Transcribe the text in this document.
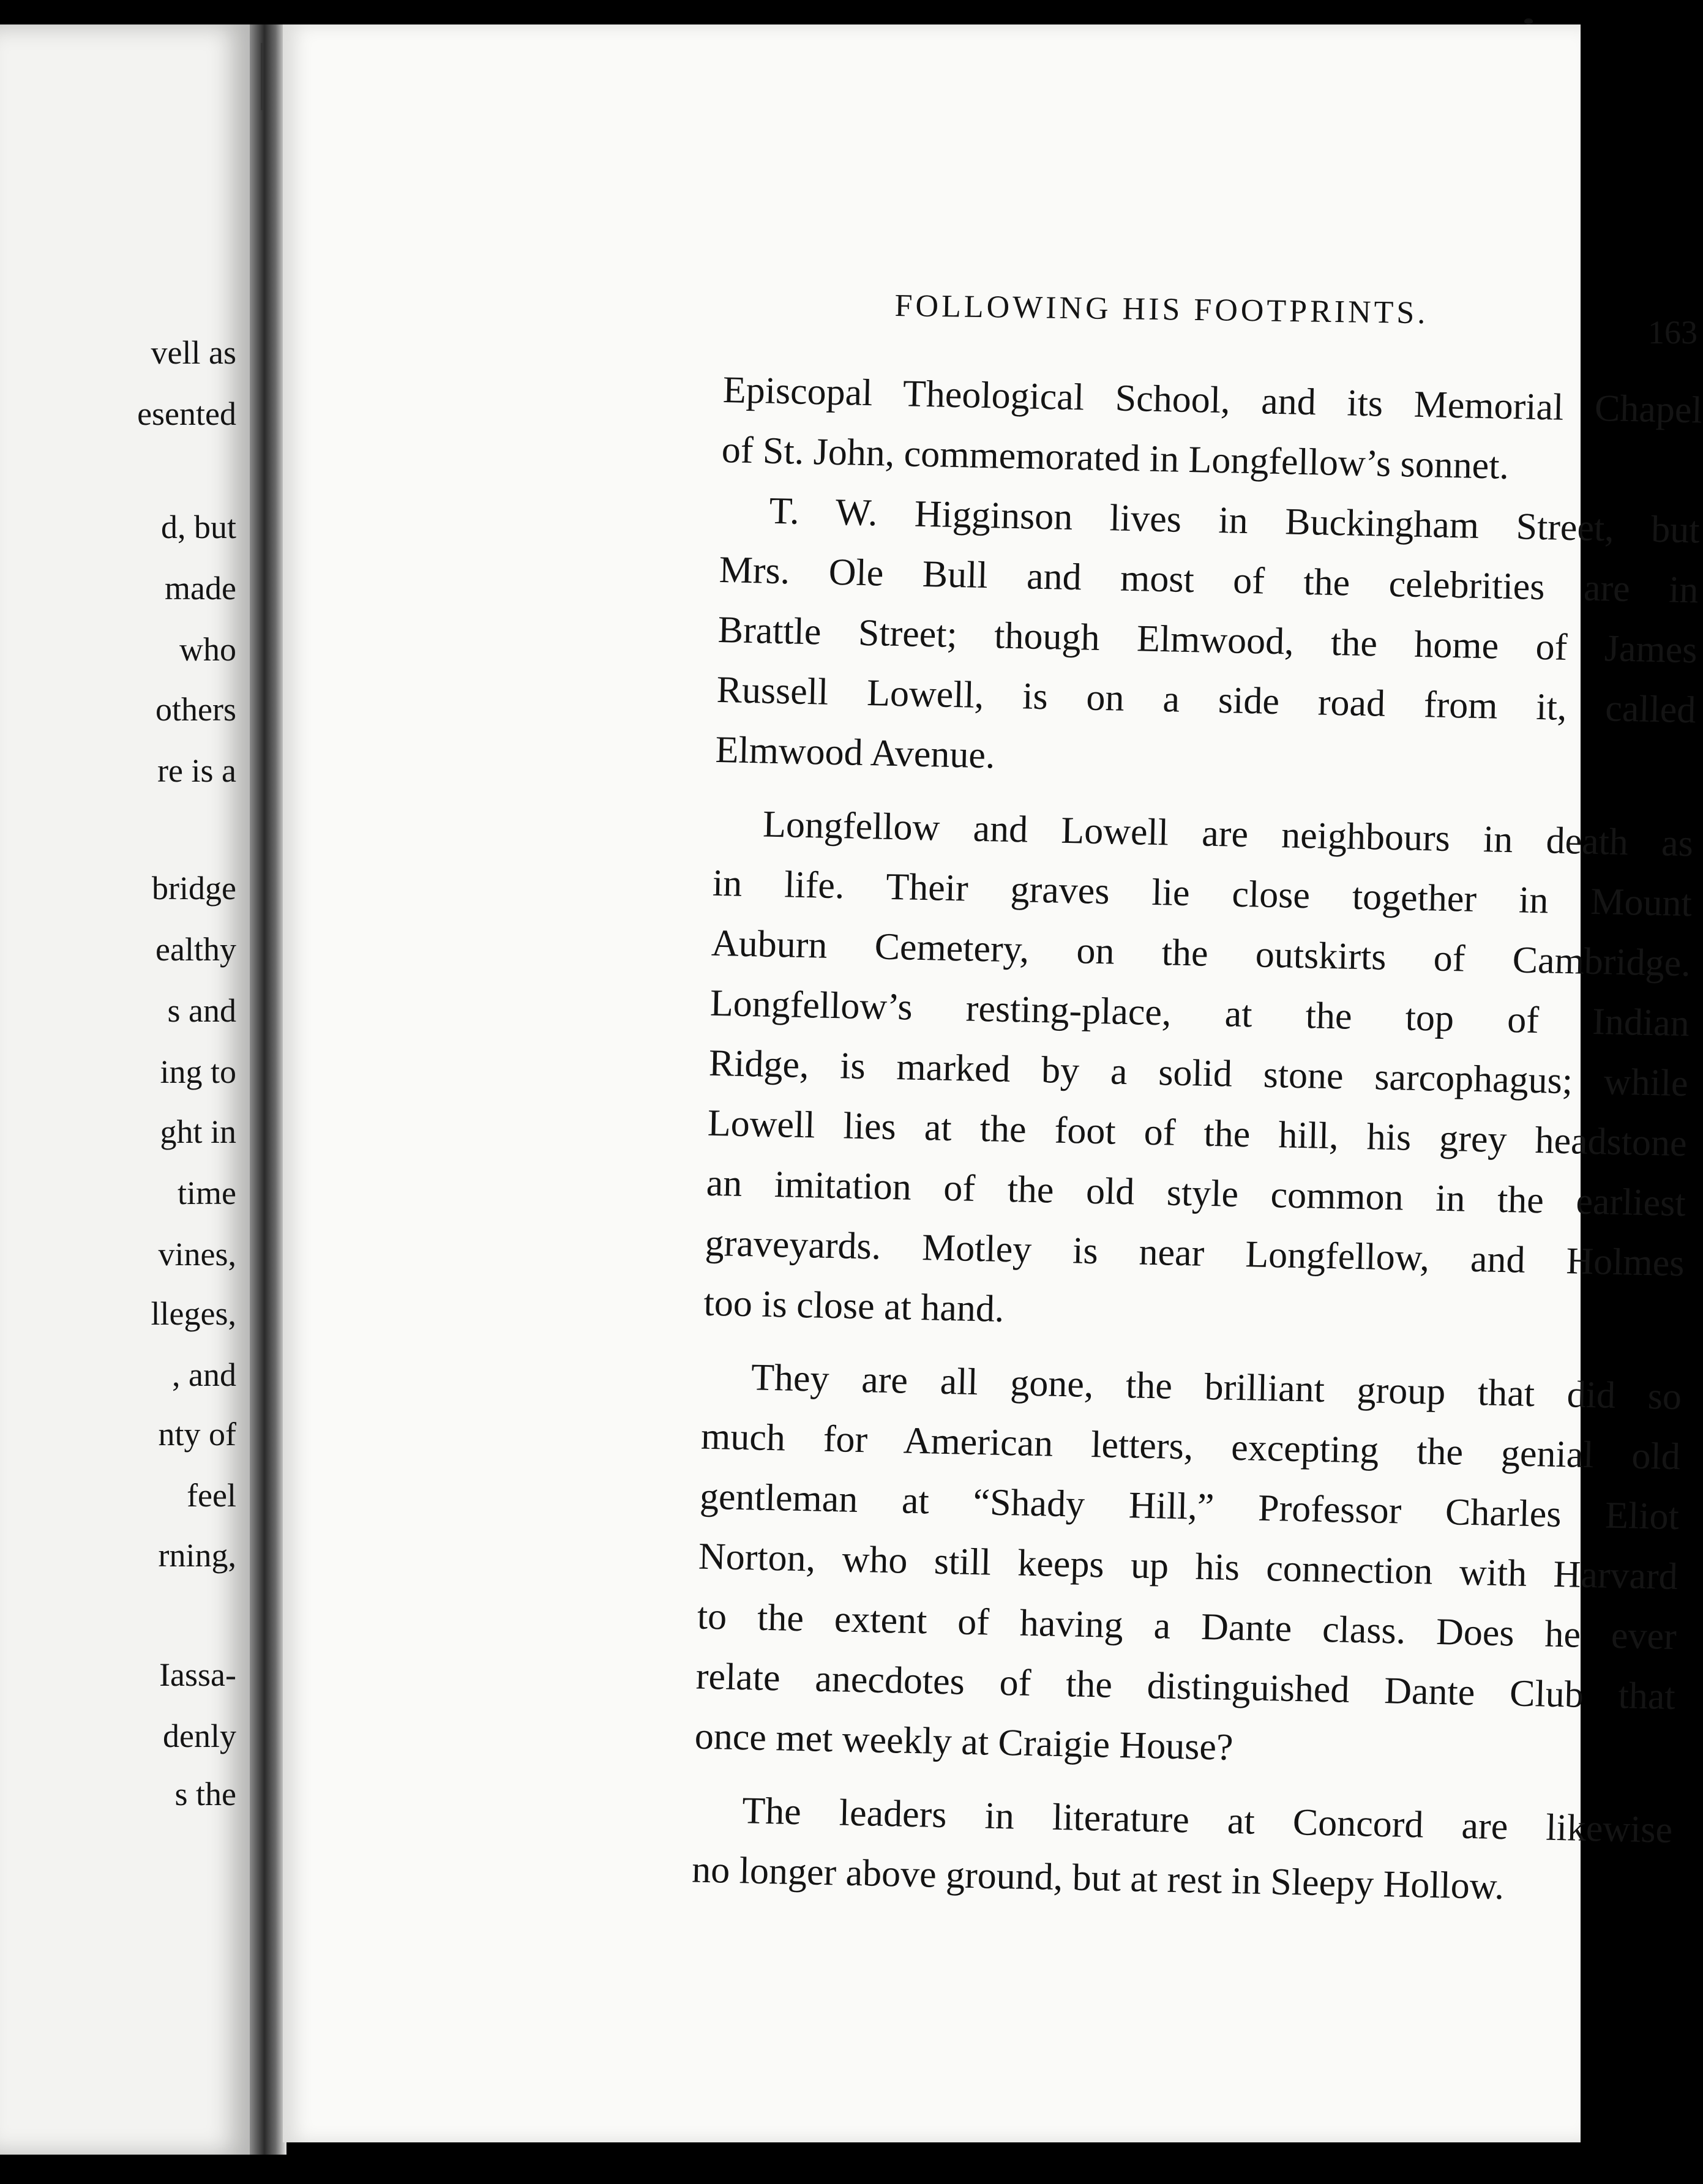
vell as
esented
d, but
made
who
others
re is a
bridge
ealthy
s and
ing to
ght in
time
vines,
lleges,
, and
nty of
feel
rning,
Iassa-
denly
s the
FOLLOWING HIS FOOTPRINTS.
163
Episcopal Theological School, and its Memorial Chapel
of St. John, commemorated in Longfellow’s sonnet.
T. W. Higginson lives in Buckingham Street, but
Mrs. Ole Bull and most of the celebrities are in
Brattle Street; though Elmwood, the home of James
Russell Lowell, is on a side road from it, called
Elmwood Avenue.
Longfellow and Lowell are neighbours in death as
in life. Their graves lie close together in Mount
Auburn Cemetery, on the outskirts of Cambridge.
Longfellow’s resting-place, at the top of Indian
Ridge, is marked by a solid stone sarcophagus; while
Lowell lies at the foot of the hill, his grey headstone
an imitation of the old style common in the earliest
graveyards. Motley is near Longfellow, and Holmes
too is close at hand.
They are all gone, the brilliant group that did so
much for American letters, excepting the genial old
gentleman at “Shady Hill,” Professor Charles Eliot
Norton, who still keeps up his connection with Harvard
to the extent of having a Dante class. Does he ever
relate anecdotes of the distinguished Dante Club that
once met weekly at Craigie House?
The leaders in literature at Concord are likewise
no longer above ground, but at rest in Sleepy Hollow.
